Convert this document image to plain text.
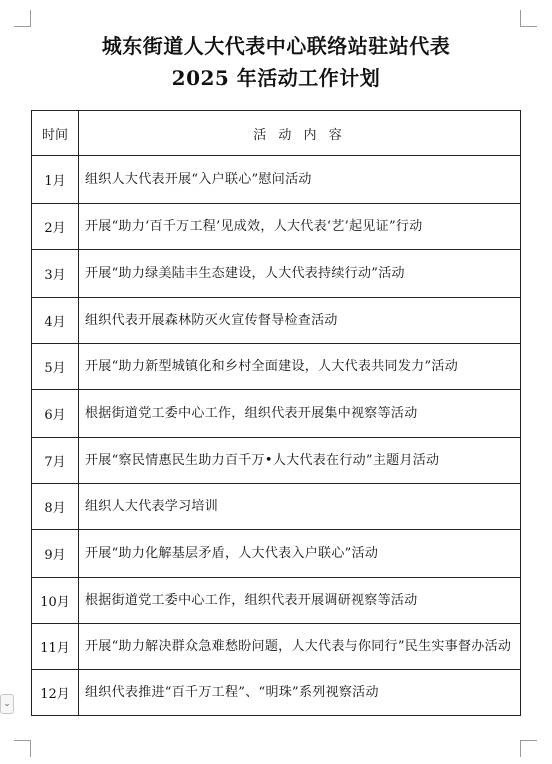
城东街道人大代表中心联络站驻站代表
2025 年活动工作计划
时间	活 动 内 容
1月	组织人大代表开展“入户联心”慰问活动
2月	开展“助力‘百千万工程’见成效，人大代表‘艺’起见证”行动
3月	开展“助力绿美陆丰生态建设，人大代表持续行动”活动
4月	组织代表开展森林防灭火宣传督导检查活动
5月	开展“助力新型城镇化和乡村全面建设，人大代表共同发力”活动
6月	根据街道党工委中心工作，组织代表开展集中视察等活动
7月	开展“察民情惠民生助力百千万•人大代表在行动”主题月活动
8月	组织人大代表学习培训
9月	开展“助力化解基层矛盾，人大代表入户联心”活动
10月	根据街道党工委中心工作，组织代表开展调研视察等活动
11月	开展“助力解决群众急难愁盼问题，人大代表与你同行”民生实事督办活动
12月	组织代表推进“百千万工程”、“明珠”系列视察活动
⌄
